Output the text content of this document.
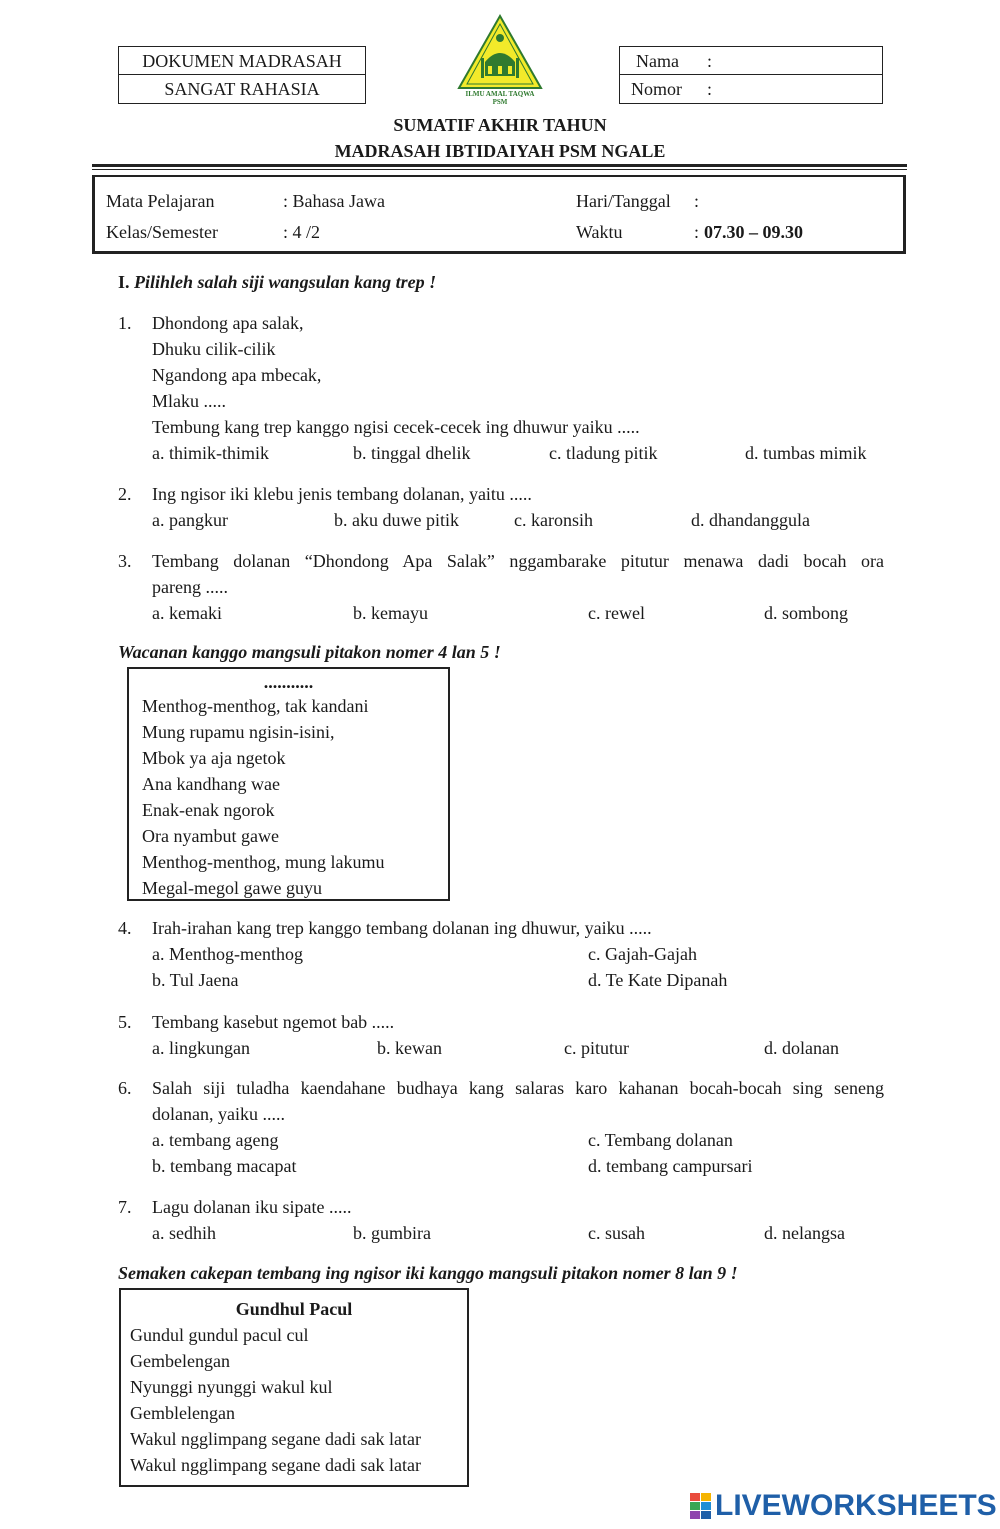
DOKUMEN MADRASAH
SANGAT RAHASIA	ILMU AMAL TAQWA
PSM
Nama :
Nomor :
SUMATIF AKHIR TAHUN
MADRASAH IBTIDAIYAH PSM NGALE
Mata Pelajaran	: Bahasa Jawa	Hari/Tanggal :
Kelas/Semester	: 4 /2	Waktu	: 07.30 – 09.30
I. Pilihleh salah siji wangsulan kang trep !
1. Dhondong apa salak,
Dhuku cilik-cilik
Ngandong apa mbecak,
Mlaku .....
Tembung kang trep kanggo ngisi cecek-cecek ing dhuwur yaiku .....
a. thimik-thimik	b. tinggal dhelik	c. tladung pitik	d. tumbas mimik
2. Ing ngisor iki klebu jenis tembang dolanan, yaitu .....
a. pangkur	b. aku duwe pitik	c. karonsih	d. dhandanggula
3. Tembang dolanan “Dhondong Apa Salak” nggambarake pitutur menawa dadi bocah ora
pareng .....
a. kemaki	b. kemayu	c. rewel	d. sombong
Wacanan kanggo mangsuli pitakon nomer 4 lan 5 !
...........
Menthog-menthog, tak kandani
Mung rupamu ngisin-isini,
Mbok ya aja ngetok
Ana kandhang wae
Enak-enak ngorok
Ora nyambut gawe
Menthog-menthog, mung lakumu
Megal-megol gawe guyu
4. Irah-irahan kang trep kanggo tembang dolanan ing dhuwur, yaiku .....
a. Menthog-menthog	c. Gajah-Gajah
b. Tul Jaena	d. Te Kate Dipanah
5. Tembang kasebut ngemot bab .....
a. lingkungan	b. kewan	c. pitutur	d. dolanan
6. Salah siji tuladha kaendahane budhaya kang salaras karo kahanan bocah-bocah sing seneng
dolanan, yaiku .....
a. tembang ageng	c. Tembang dolanan
b. tembang macapat	d. tembang campursari
7. Lagu dolanan iku sipate .....
a. sedhih	b. gumbira	c. susah	d. nelangsa
Semaken cakepan tembang ing ngisor iki kanggo mangsuli pitakon nomer 8 lan 9 !
Gundhul Pacul
Gundul gundul pacul cul
Gembelengan
Nyunggi nyunggi wakul kul
Gemblelengan
Wakul ngglimpang segane dadi sak latar
Wakul ngglimpang segane dadi sak latar
LIVEWORKSHEETS
